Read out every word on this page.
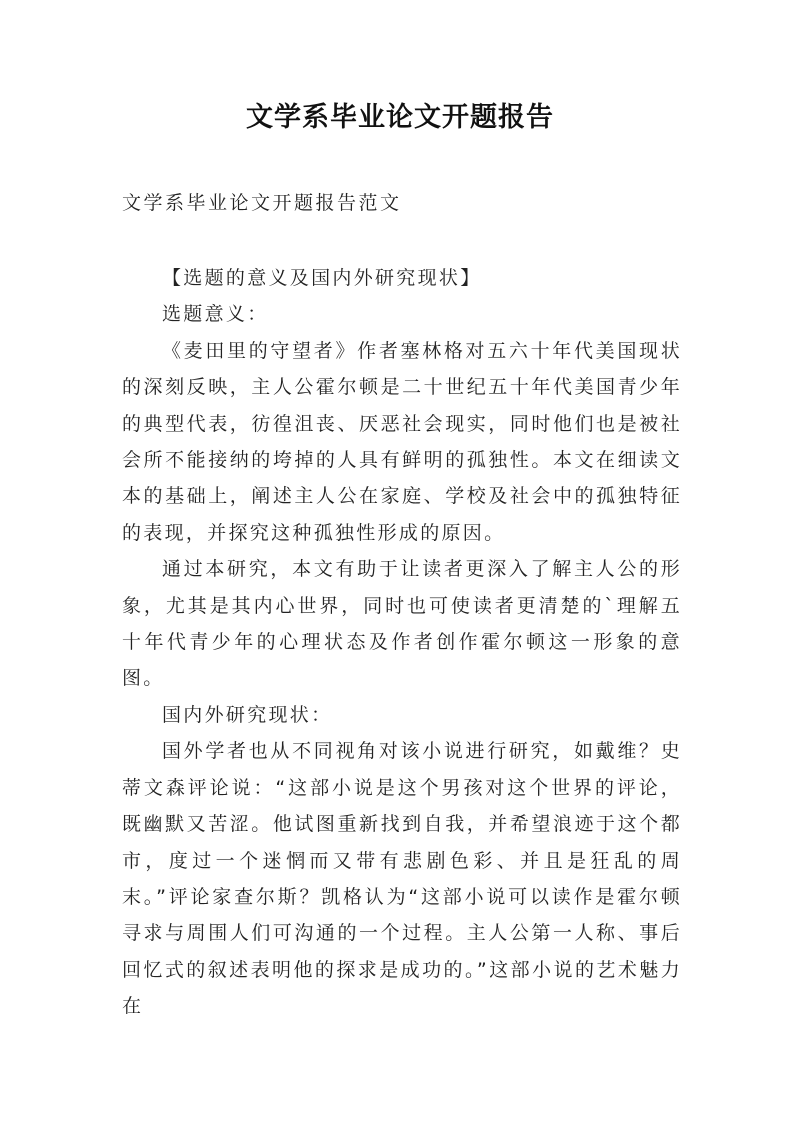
文学系毕业论文开题报告
文学系毕业论文开题报告范文

【选题的意义及国内外研究现状】

选题意义：

《麦田里的守望者》作者塞林格对五六十年代美国现状的深刻反映，主人公霍尔顿是二十世纪五十年代美国青少年的典型代表，彷徨沮丧、厌恶社会现实，同时他们也是被社会所不能接纳的垮掉的人具有鲜明的孤独性。本文在细读文本的基础上，阐述主人公在家庭、学校及社会中的孤独特征的表现，并探究这种孤独性形成的原因。

通过本研究，本文有助于让读者更深入了解主人公的形象，尤其是其内心世界，同时也可使读者更清楚的`理解五十年代青少年的心理状态及作者创作霍尔顿这一形象的意图。

国内外研究现状：

国外学者也从不同视角对该小说进行研究，如戴维？史蒂文森评论说：“这部小说是这个男孩对这个世界的评论，既幽默又苦涩。他试图重新找到自我，并希望浪迹于这个都市，度过一个迷惘而又带有悲剧色彩、并且是狂乱的周末。”评论家查尔斯？凯格认为“这部小说可以读作是霍尔顿寻求与周围人们可沟通的一个过程。主人公第一人称、事后回忆式的叙述表明他的探求是成功的。”这部小说的艺术魅力在
